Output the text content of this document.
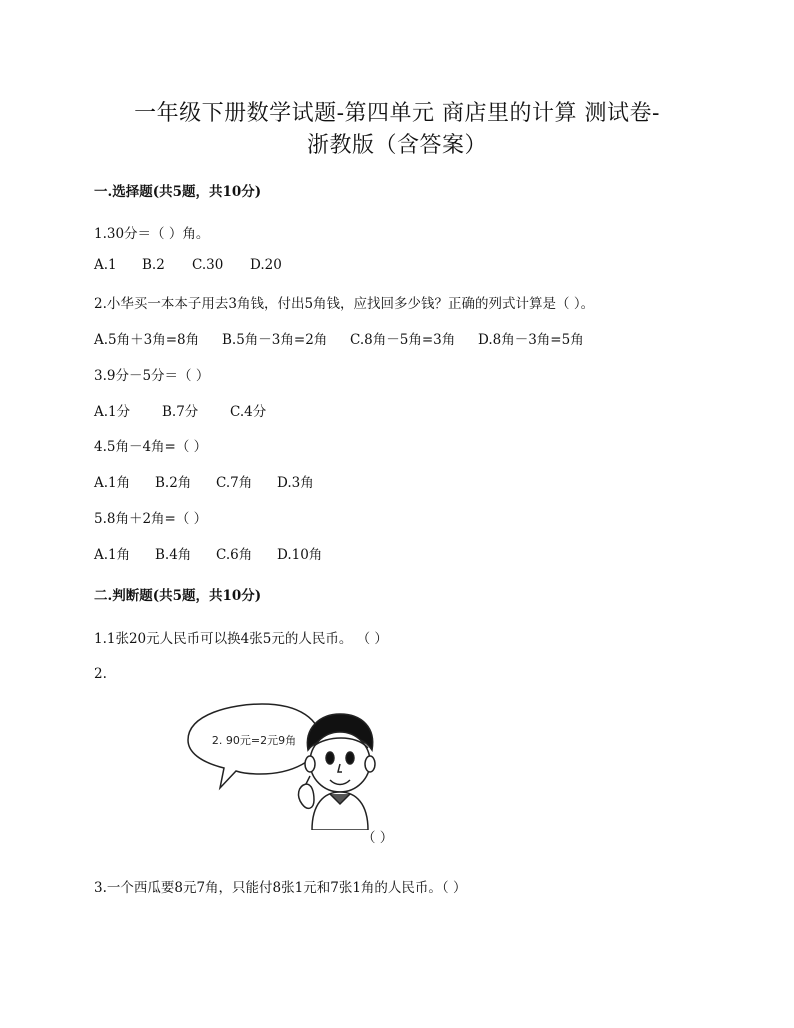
一年级下册数学试题-第四单元 商店里的计算 测试卷-
浙教版（含答案）
一.选择题(共5题，共10分)
1.30分＝（ ）角。
A.1 B.2 C.30 D.20
2.小华买一本本子用去3角钱，付出5角钱，应找回多少钱？正确的列式计算是（ ）。
A.5角＋3角=8角 B.5角－3角=2角 C.8角－5角=3角 D.8角－3角=5角
3.9分－5分＝（ ）
A.1分 B.7分 C.4分
4.5角－4角=（ ）
A.1角 B.2角 C.7角 D.3角
5.8角＋2角=（ ）
A.1角 B.4角 C.6角 D.10角
二.判断题(共5题，共10分)
1.1张20元人民币可以换4张5元的人民币。 （ ）
2.
2. 90元=2元9角
（ ）
3.一个西瓜要8元7角，只能付8张1元和7张1角的人民币。（ ）
